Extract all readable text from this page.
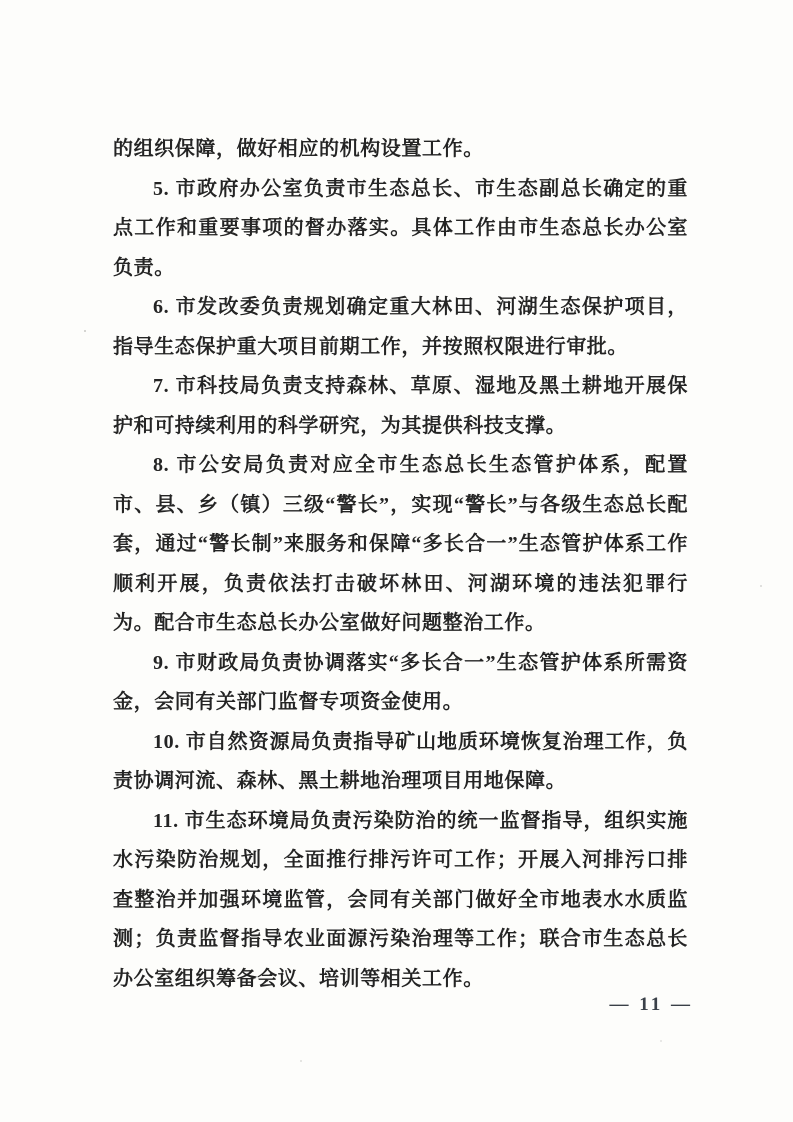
的组织保障，做好相应的机构设置工作。

5. 市政府办公室负责市生态总长、市生态副总长确定的重点工作和重要事项的督办落实。具体工作由市生态总长办公室负责。

6. 市发改委负责规划确定重大林田、河湖生态保护项目，指导生态保护重大项目前期工作，并按照权限进行审批。

7. 市科技局负责支持森林、草原、湿地及黑土耕地开展保护和可持续利用的科学研究，为其提供科技支撑。

8. 市公安局负责对应全市生态总长生态管护体系，配置市、县、乡（镇）三级“警长”，实现“警长”与各级生态总长配套，通过“警长制”来服务和保障“多长合一”生态管护体系工作顺利开展，负责依法打击破坏林田、河湖环境的违法犯罪行为。配合市生态总长办公室做好问题整治工作。

9. 市财政局负责协调落实“多长合一”生态管护体系所需资金，会同有关部门监督专项资金使用。

10. 市自然资源局负责指导矿山地质环境恢复治理工作，负责协调河流、森林、黑土耕地治理项目用地保障。

11. 市生态环境局负责污染防治的统一监督指导，组织实施水污染防治规划，全面推行排污许可工作；开展入河排污口排查整治并加强环境监管，会同有关部门做好全市地表水水质监测；负责监督指导农业面源污染治理等工作；联合市生态总长办公室组织筹备会议、培训等相关工作。

— 11 —
